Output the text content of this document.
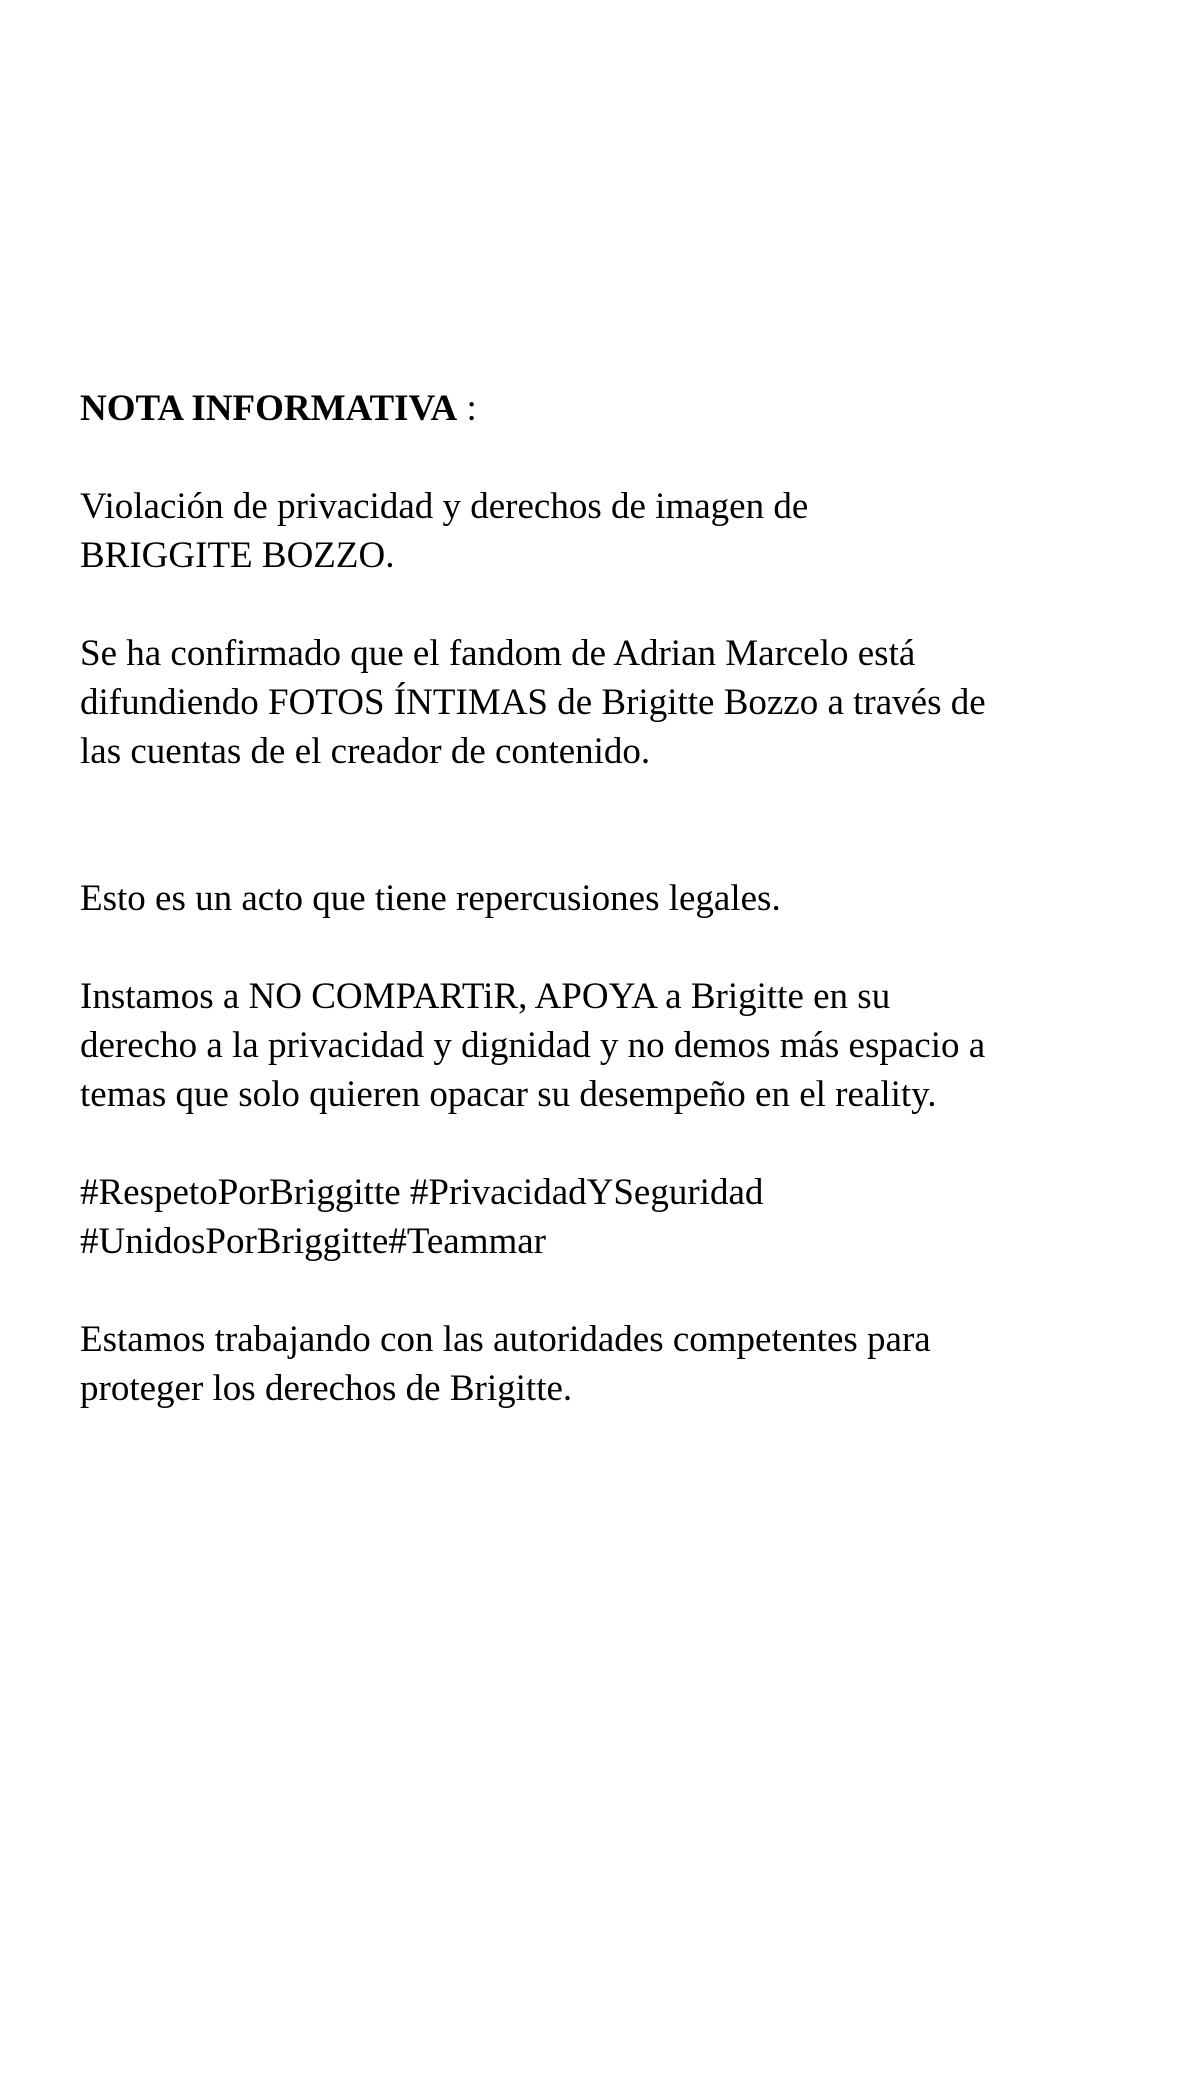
NOTA INFORMATIVA :

Violación de privacidad y derechos de imagen de

BRIGGITE BOZZO.

Se ha confirmado que el fandom de Adrian Marcelo está

difundiendo FOTOS ÍNTIMAS de Brigitte Bozzo a través de

las cuentas de el creador de contenido.

Esto es un acto que tiene repercusiones legales.

Instamos a NO COMPARTiR, APOYA a Brigitte en su

derecho a la privacidad y dignidad y no demos más espacio a

temas que solo quieren opacar su desempeño en el reality.

#RespetoPorBriggitte #PrivacidadYSeguridad

#UnidosPorBriggitte#Teammar

Estamos trabajando con las autoridades competentes para

proteger los derechos de Brigitte.
